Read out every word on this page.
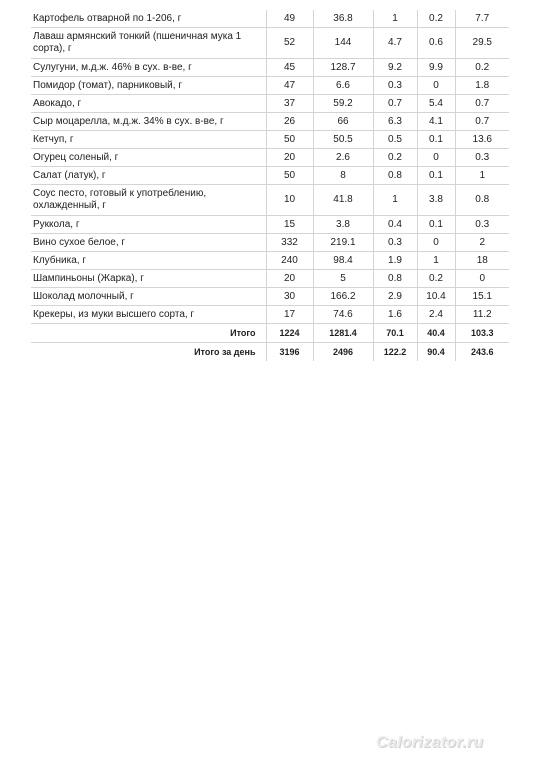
Картофель отварной по 1-206, г	49	36.8	1	0.2	7.7
Лаваш армянский тонкий (пшеничная мука 1 сорта), г	52	144	4.7	0.6	29.5
Сулугуни, м.д.ж. 46% в сух. в-ве, г	45	128.7	9.2	9.9	0.2
Помидор (томат), парниковый, г	47	6.6	0.3	0	1.8
Авокадо, г	37	59.2	0.7	5.4	0.7
Сыр моцарелла, м.д.ж. 34% в сух. в-ве, г	26	66	6.3	4.1	0.7
Кетчуп, г	50	50.5	0.5	0.1	13.6
Огурец соленый, г	20	2.6	0.2	0	0.3
Салат (латук), г	50	8	0.8	0.1	1
Соус песто, готовый к употреблению, охлажденный, г	10	41.8	1	3.8	0.8
Руккола, г	15	3.8	0.4	0.1	0.3
Вино сухое белое, г	332	219.1	0.3	0	2
Клубника, г	240	98.4	1.9	1	18
Шампиньоны (Жарка), г	20	5	0.8	0.2	0
Шоколад молочный, г	30	166.2	2.9	10.4	15.1
Крекеры, из муки высшего сорта, г	17	74.6	1.6	2.4	11.2
Итого	1224	1281.4	70.1	40.4	103.3
Итого за день	3196	2496	122.2	90.4	243.6
Calorizator.ru
